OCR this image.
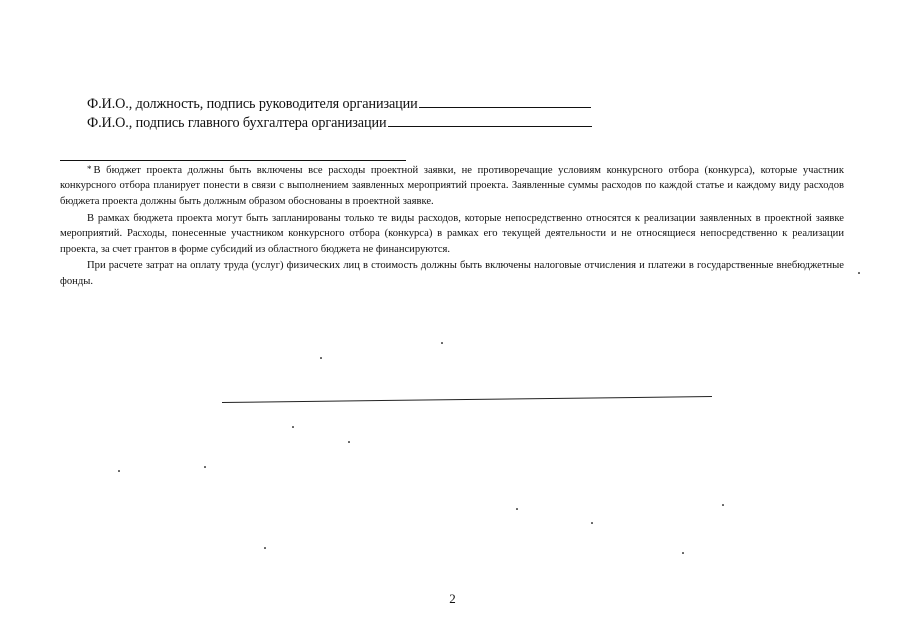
Ф.И.О., должность, подпись руководителя организации
Ф.И.О., подпись главного бухгалтера организации

* В бюджет проекта должны быть включены все расходы проектной заявки, не противоречащие условиям конкурсного отбора (конкурса), которые участник конкурсного отбора планирует понести в связи с выполнением заявленных мероприятий проекта. Заявленные суммы расходов по каждой статье и каждому виду расходов бюджета проекта должны быть должным образом обоснованы в проектной заявке.

В рамках бюджета проекта могут быть запланированы только те виды расходов, которые непосредственно относятся к реализации заявленных в проектной заявке мероприятий. Расходы, понесенные участником конкурсного отбора (конкурса) в рамках его текущей деятельности и не относящиеся непосредственно к реализации проекта, за счет грантов в форме субсидий из областного бюджета не финансируются.

При расчете затрат на оплату труда (услуг) физических лиц в стоимость должны быть включены налоговые отчисления и платежи в государственные внебюджетные фонды.

2
